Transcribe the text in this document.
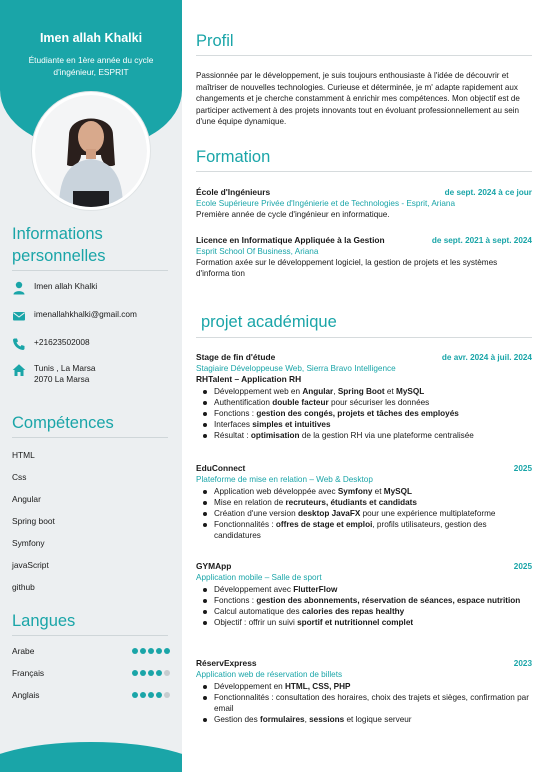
Imen allah Khalki
Étudiante en 1ère année du cycle d'ingénieur, ESPRIT
Informations personnelles
Imen allah Khalki
imenallahkhalki@gmail.com
+21623502008
Tunis , La Marsa
2070 La Marsa
Compétences
HTML
Css
Angular
Spring boot
Symfony
javaScript
github
Langues
Arabe
Français
Anglais
Profil
Passionnée par le développement, je suis toujours enthousiaste à l'idée de découvrir et maîtriser de nouvelles technologies. Curieuse et déterminée, je m' adapte rapidement aux changements et je cherche constamment à enrichir mes compétences. Mon objectif est de participer activement à des projets innovants tout en évoluant professionnellement au sein d'une équipe dynamique.
Formation
École d'Ingénieurs	de sept. 2024 à ce jour
Ecole Supérieure Privée d'Ingénierie et de Technologies - Esprit, Ariana
Première année de cycle d'ingénieur en informatique.
Licence en Informatique Appliquée à la Gestion	de sept. 2021 à sept. 2024
Esprit School Of Business, Ariana
Formation axée sur le développement logiciel, la gestion de projets et les systèmes d'informa tion
projet académique
Stage de fin d'étude	de avr. 2024 à juil. 2024
Stagiaire Développeuse Web, Sierra Bravo Intelligence
RHTalent – Application RH
Développement web en Angular, Spring Boot et MySQL
Authentification double facteur pour sécuriser les données
Fonctions : gestion des congés, projets et tâches des employés
Interfaces simples et intuitives
Résultat : optimisation de la gestion RH via une plateforme centralisée
EduConnect	2025
Plateforme de mise en relation – Web & Desktop
Application web développée avec Symfony et MySQL
Mise en relation de recruteurs, étudiants et candidats
Création d'une version desktop JavaFX pour une expérience multiplateforme
Fonctionnalités : offres de stage et emploi, profils utilisateurs, gestion des candidatures
GYMApp	2025
Application mobile – Salle de sport
Développement avec FlutterFlow
Fonctions : gestion des abonnements, réservation de séances, espace nutrition
Calcul automatique des calories des repas healthy
Objectif : offrir un suivi sportif et nutritionnel complet
RéservExpress	2023
Application web de réservation de billets
Développement en HTML, CSS, PHP
Fonctionnalités : consultation des horaires, choix des trajets et sièges, confirmation par email
Gestion des formulaires, sessions et logique serveur
